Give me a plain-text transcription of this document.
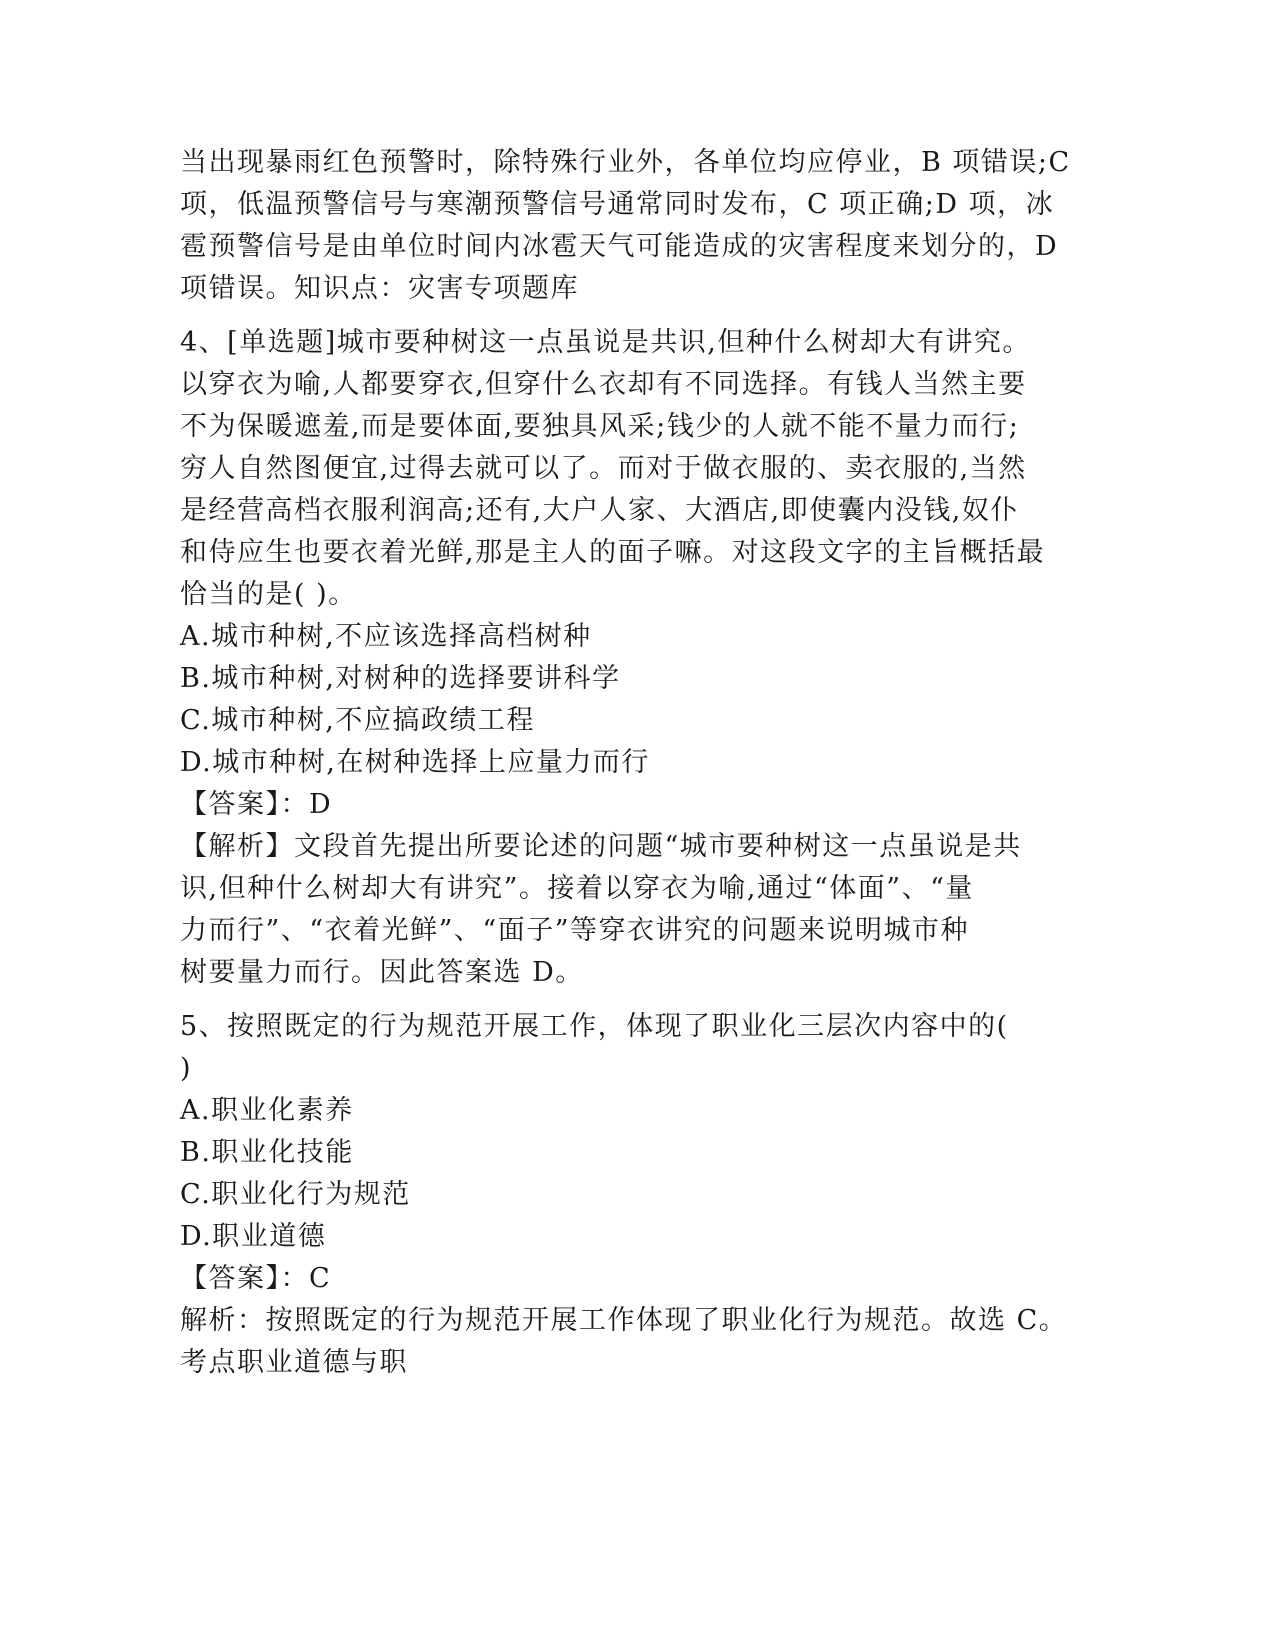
当出现暴雨红色预警时，除特殊行业外，各单位均应停业，B 项错误;C
项，低温预警信号与寒潮预警信号通常同时发布，C 项正确;D 项，冰
雹预警信号是由单位时间内冰雹天气可能造成的灾害程度来划分的，D
项错误。知识点：灾害专项题库
4、[单选题]城市要种树这一点虽说是共识,但种什么树却大有讲究。
以穿衣为喻,人都要穿衣,但穿什么衣却有不同选择。有钱人当然主要
不为保暖遮羞,而是要体面,要独具风采;钱少的人就不能不量力而行;
穷人自然图便宜,过得去就可以了。而对于做衣服的、卖衣服的,当然
是经营高档衣服利润高;还有,大户人家、大酒店,即使囊内没钱,奴仆
和侍应生也要衣着光鲜,那是主人的面子嘛。对这段文字的主旨概括最
恰当的是( )。
A.城市种树,不应该选择高档树种
B.城市种树,对树种的选择要讲科学
C.城市种树,不应搞政绩工程
D.城市种树,在树种选择上应量力而行
【答案】：D
【解析】文段首先提出所要论述的问题“城市要种树这一点虽说是共
识,但种什么树却大有讲究”。接着以穿衣为喻,通过“体面”、“量
力而行”、“衣着光鲜”、“面子”等穿衣讲究的问题来说明城市种
树要量力而行。因此答案选 D。
5、按照既定的行为规范开展工作，体现了职业化三层次内容中的(
)
A.职业化素养
B.职业化技能
C.职业化行为规范
D.职业道德
【答案】：C
解析：按照既定的行为规范开展工作体现了职业化行为规范。故选 C。
考点职业道德与职
